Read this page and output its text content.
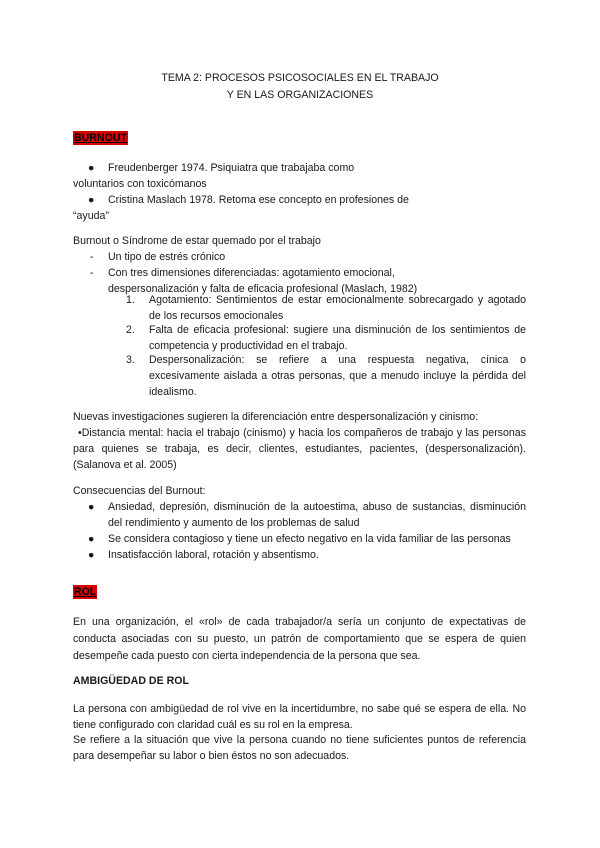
TEMA 2: PROCESOS PSICOSOCIALES EN EL TRABAJO
Y EN LAS ORGANIZACIONES
BURNOUT
● Freudenberger 1974. Psiquiatra que trabajaba como
voluntarios con toxicómanos
● Cristina Maslach 1978. Retoma ese concepto en profesiones de
“ayuda”
Burnout o Síndrome de estar quemado por el trabajo
- Un tipo de estrés crónico
- Con tres dimensiones diferenciadas: agotamiento emocional,
despersonalización y falta de eficacia profesional (Maslach, 1982)
1. Agotamiento: Sentimientos de estar emocionalmente sobrecargado y agotado de los recursos emocionales
2. Falta de eficacia profesional: sugiere una disminución de los sentimientos de competencia y productividad en el trabajo.
3. Despersonalización: se refiere a una respuesta negativa, cínica o excesivamente aislada a otras personas, que a menudo incluye la pérdida del idealismo.
Nuevas investigaciones sugieren la diferenciación entre despersonalización y cinismo:
•Distancia mental: hacia el trabajo (cinismo) y hacia los compañeros de trabajo y las personas para quienes se trabaja, es decir, clientes, estudiantes, pacientes, (despersonalización). (Salanova et al. 2005)
Consecuencias del Burnout:
● Ansiedad, depresión, disminución de la autoestima, abuso de sustancias, disminución del rendimiento y aumento de los problemas de salud
● Se considera contagioso y tiene un efecto negativo en la vida familiar de las personas
● Insatisfacción laboral, rotación y absentismo.
ROL
En una organización, el «rol» de cada trabajador/a sería un conjunto de expectativas de conducta asociadas con su puesto, un patrón de comportamiento que se espera de quien desempeñe cada puesto con cierta independencia de la persona que sea.
AMBIGÜEDAD DE ROL
La persona con ambigüedad de rol vive en la incertidumbre, no sabe qué se espera de ella. No tiene configurado con claridad cuál es su rol en la empresa.
Se refiere a la situación que vive la persona cuando no tiene suficientes puntos de referencia para desempeñar su labor o bien éstos no son adecuados.
